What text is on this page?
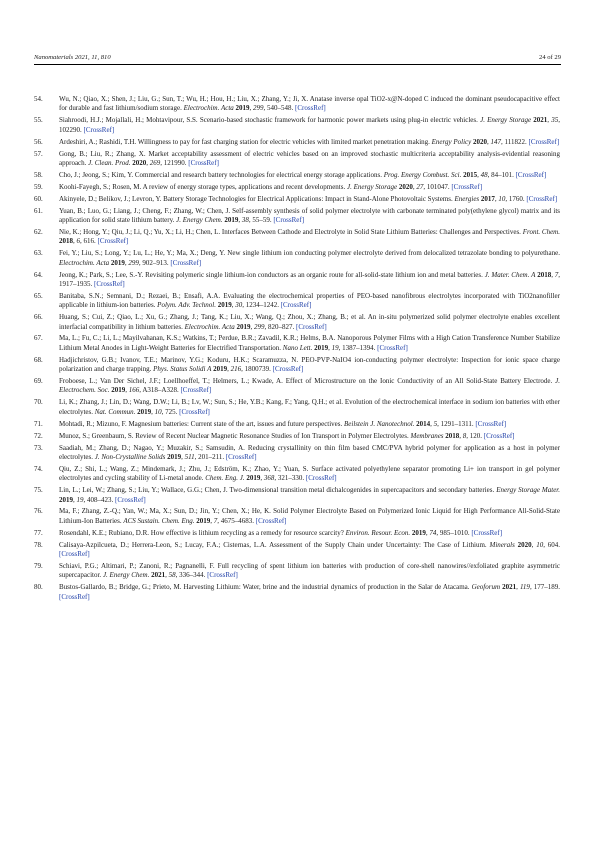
Nanomaterials 2021, 11, 810	24 of 29
54. Wu, N.; Qiao, X.; Shen, J.; Liu, G.; Sun, T.; Wu, H.; Hou, H.; Liu, X.; Zhang, Y.; Ji, X. Anatase inverse opal TiO2-x@N-doped C induced the dominant pseudocapacitive effect for durable and fast lithium/sodium storage. Electrochim. Acta 2019, 299, 540–548. [CrossRef]
55. Siahroodi, H.J.; Mojallali, H.; Mohtavipour, S.S. Scenario-based stochastic framework for harmonic power markets using plug-in electric vehicles. J. Energy Storage 2021, 35, 102290. [CrossRef]
56. Ardeshiri, A.; Rashidi, T.H. Willingness to pay for fast charging station for electric vehicles with limited market penetration making. Energy Policy 2020, 147, 111822. [CrossRef]
57. Gong, B.; Liu, R.; Zhang, X. Market acceptability assessment of electric vehicles based on an improved stochastic multicriteria acceptability analysis-evidential reasoning approach. J. Clean. Prod. 2020, 269, 121990. [CrossRef]
58. Cho, J.; Jeong, S.; Kim, Y. Commercial and research battery technologies for electrical energy storage applications. Prog. Energy Combust. Sci. 2015, 48, 84–101. [CrossRef]
59. Koohi-Fayegh, S.; Rosen, M. A review of energy storage types, applications and recent developments. J. Energy Storage 2020, 27, 101047. [CrossRef]
60. Akinyele, D.; Belikov, J.; Levron, Y. Battery Storage Technologies for Electrical Applications: Impact in Stand-Alone Photovoltaic Systems. Energies 2017, 10, 1760. [CrossRef]
61. Yuan, B.; Luo, G.; Liang, J.; Cheng, F.; Zhang, W.; Chen, J. Self-assembly synthesis of solid polymer electrolyte with carbonate terminated poly(ethylene glycol) matrix and its application for solid state lithium battery. J. Energy Chem. 2019, 38, 55–59. [CrossRef]
62. Nie, K.; Hong, Y.; Qiu, J.; Li, Q.; Yu, X.; Li, H.; Chen, L. Interfaces Between Cathode and Electrolyte in Solid State Lithium Batteries: Challenges and Perspectives. Front. Chem. 2018, 6, 616. [CrossRef]
63. Fei, Y.; Liu, S.; Long, Y.; Lu, L.; He, Y.; Ma, X.; Deng, Y. New single lithium ion conducting polymer electrolyte derived from delocalized tetrazolate bonding to polyurethane. Electrochim. Acta 2019, 299, 902–913. [CrossRef]
64. Jeong, K.; Park, S.; Lee, S.-Y. Revisiting polymeric single lithium-ion conductors as an organic route for all-solid-state lithium ion and metal batteries. J. Mater. Chem. A 2018, 7, 1917–1935. [CrossRef]
65. Banitaba, S.N.; Semnani, D.; Rezaei, B.; Ensafi, A.A. Evaluating the electrochemical properties of PEO-based nanofibrous electrolytes incorporated with TiO2nanofiller applicable in lithium-ion batteries. Polym. Adv. Technol. 2019, 30, 1234–1242. [CrossRef]
66. Huang, S.; Cui, Z.; Qiao, L.; Xu, G.; Zhang, J.; Tang, K.; Liu, X.; Wang, Q.; Zhou, X.; Zhang, B.; et al. An in-situ polymerized solid polymer electrolyte enables excellent interfacial compatibility in lithium batteries. Electrochim. Acta 2019, 299, 820–827. [CrossRef]
67. Ma, L.; Fu, C.; Li, L.; Mayilvahanan, K.S.; Watkins, T.; Perdue, B.R.; Zavadil, K.R.; Helms, B.A. Nanoporous Polymer Films with a High Cation Transference Number Stabilize Lithium Metal Anodes in Light-Weight Batteries for Electrified Transportation. Nano Lett. 2019, 19, 1387–1394. [CrossRef]
68. Hadjichristov, G.B.; Ivanov, T.E.; Marinov, Y.G.; Koduru, H.K.; Scaramuzza, N. PEO-PVP-NaIO4 ion-conducting polymer electrolyte: Inspection for ionic space charge polarization and charge trapping. Phys. Status Solidi A 2019, 216, 1800739. [CrossRef]
69. Froboese, L.; Van Der Sichel, J.F.; Loellhoeffel, T.; Helmers, L.; Kwade, A. Effect of Microstructure on the Ionic Conductivity of an All Solid-State Battery Electrode. J. Electrochem. Soc. 2019, 166, A318–A328. [CrossRef]
70. Li, K.; Zhang, J.; Lin, D.; Wang, D.W.; Li, B.; Lv, W.; Sun, S.; He, Y.B.; Kang, F.; Yang, Q.H.; et al. Evolution of the electrochemical interface in sodium ion batteries with ether electrolytes. Nat. Commun. 2019, 10, 725. [CrossRef]
71. Mohtadi, R.; Mizuno, F. Magnesium batteries: Current state of the art, issues and future perspectives. Beilstein J. Nanotechnol. 2014, 5, 1291–1311. [CrossRef]
72. Munoz, S.; Greenbaum, S. Review of Recent Nuclear Magnetic Resonance Studies of Ion Transport in Polymer Electrolytes. Membranes 2018, 8, 120. [CrossRef]
73. Saadiah, M.; Zhang, D.; Nagao, Y.; Muzakir, S.; Samsudin, A. Reducing crystallinity on thin film based CMC/PVA hybrid polymer for application as a host in polymer electrolytes. J. Non-Crystalline Solids 2019, 511, 201–211. [CrossRef]
74. Qiu, Z.; Shi, L.; Wang, Z.; Mindemark, J.; Zhu, J.; Edström, K.; Zhao, Y.; Yuan, S. Surface activated polyethylene separator promoting Li+ ion transport in gel polymer electrolytes and cycling stability of Li-metal anode. Chem. Eng. J. 2019, 368, 321–330. [CrossRef]
75. Lin, L.; Lei, W.; Zhang, S.; Liu, Y.; Wallace, G.G.; Chen, J. Two-dimensional transition metal dichalcogenides in supercapacitors and secondary batteries. Energy Storage Mater. 2019, 19, 408–423. [CrossRef]
76. Ma, F.; Zhang, Z.-Q.; Yan, W.; Ma, X.; Sun, D.; Jin, Y.; Chen, X.; He, K. Solid Polymer Electrolyte Based on Polymerized Ionic Liquid for High Performance All-Solid-State Lithium-Ion Batteries. ACS Sustain. Chem. Eng. 2019, 7, 4675–4683. [CrossRef]
77. Rosendahl, K.E.; Rubiano, D.R. How effective is lithium recycling as a remedy for resource scarcity? Environ. Resour. Econ. 2019, 74, 985–1010. [CrossRef]
78. Calisaya-Azpilcueta, D.; Herrera-Leon, S.; Lucay, F.A.; Cisternas, L.A. Assessment of the Supply Chain under Uncertainty: The Case of Lithium. Minerals 2020, 10, 604. [CrossRef]
79. Schiavi, P.G.; Altimari, P.; Zanoni, R.; Pagnanelli, F. Full recycling of spent lithium ion batteries with production of core-shell nanowires//exfoliated graphite asymmetric supercapacitor. J. Energy Chem. 2021, 58, 336–344. [CrossRef]
80. Bustos-Gallardo, B.; Bridge, G.; Prieto, M. Harvesting Lithium: Water, brine and the industrial dynamics of production in the Salar de Atacama. Geoforum 2021, 119, 177–189. [CrossRef]
